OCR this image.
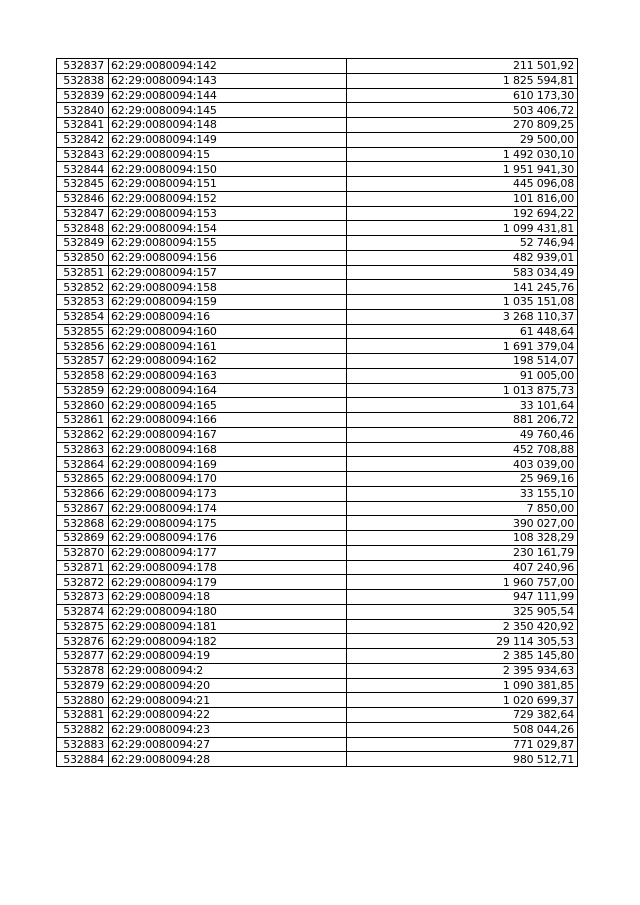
532837	62:29:0080094:142	211 501,92
532838	62:29:0080094:143	1 825 594,81
532839	62:29:0080094:144	610 173,30
532840	62:29:0080094:145	503 406,72
532841	62:29:0080094:148	270 809,25
532842	62:29:0080094:149	29 500,00
532843	62:29:0080094:15	1 492 030,10
532844	62:29:0080094:150	1 951 941,30
532845	62:29:0080094:151	445 096,08
532846	62:29:0080094:152	101 816,00
532847	62:29:0080094:153	192 694,22
532848	62:29:0080094:154	1 099 431,81
532849	62:29:0080094:155	52 746,94
532850	62:29:0080094:156	482 939,01
532851	62:29:0080094:157	583 034,49
532852	62:29:0080094:158	141 245,76
532853	62:29:0080094:159	1 035 151,08
532854	62:29:0080094:16	3 268 110,37
532855	62:29:0080094:160	61 448,64
532856	62:29:0080094:161	1 691 379,04
532857	62:29:0080094:162	198 514,07
532858	62:29:0080094:163	91 005,00
532859	62:29:0080094:164	1 013 875,73
532860	62:29:0080094:165	33 101,64
532861	62:29:0080094:166	881 206,72
532862	62:29:0080094:167	49 760,46
532863	62:29:0080094:168	452 708,88
532864	62:29:0080094:169	403 039,00
532865	62:29:0080094:170	25 969,16
532866	62:29:0080094:173	33 155,10
532867	62:29:0080094:174	7 850,00
532868	62:29:0080094:175	390 027,00
532869	62:29:0080094:176	108 328,29
532870	62:29:0080094:177	230 161,79
532871	62:29:0080094:178	407 240,96
532872	62:29:0080094:179	1 960 757,00
532873	62:29:0080094:18	947 111,99
532874	62:29:0080094:180	325 905,54
532875	62:29:0080094:181	2 350 420,92
532876	62:29:0080094:182	29 114 305,53
532877	62:29:0080094:19	2 385 145,80
532878	62:29:0080094:2	2 395 934,63
532879	62:29:0080094:20	1 090 381,85
532880	62:29:0080094:21	1 020 699,37
532881	62:29:0080094:22	729 382,64
532882	62:29:0080094:23	508 044,26
532883	62:29:0080094:27	771 029,87
532884	62:29:0080094:28	980 512,71
